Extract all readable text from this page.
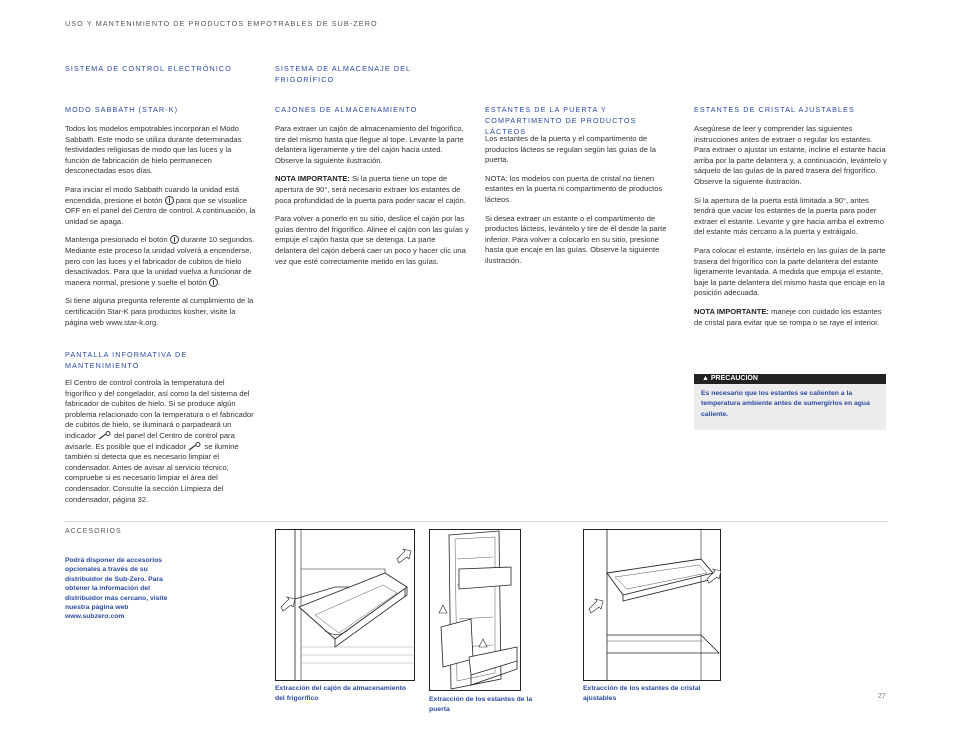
USO Y MANTENIMIENTO DE PRODUCTOS EMPOTRABLES DE SUB-ZERO
SISTEMA DE CONTROL ELECTRÓNICO
MODO SABBATH (STAR-K)

Todos los modelos empotrables incorporan el Modo Sabbath. Este modo se utiliza durante determinadas festividades religiosas de modo que las luces y la función de fabricación de hielo permanecen desconectadas esos días.

Para iniciar el modo Sabbath cuando la unidad está encendida, presione el botón para que se visualice OFF en el panel del Centro de control. A continuación, la unidad se apaga.

Mantenga presionado el botón durante 10 segundos. Mediante este proceso la unidad volverá a encenderse, pero con las luces y el fabricador de cubitos de hielo desactivados. Para que la unidad vuelva a funcionar de manera normal, presione y suelte el botón .

Si tiene alguna pregunta referente al cumplimiento de la certificación Star-K para productos kosher, visite la página web www.star-k.org.

PANTALLA INFORMATIVA DE MANTENIMIENTO

El Centro de control controla la temperatura del frigorífico y del congelador, así como la del sistema del fabricador de cubitos de hielo. Si se produce algún problema relacionado con la temperatura o el fabricador de cubitos de hielo, se iluminará o parpadeará un indicador del panel del Centro de control para avisarle. Es posible que el indicador se ilumine también si detecta que es necesario limpiar el condensador. Antes de avisar al servicio técnico, compruebe si es necesario limpiar el área del condensador. Consulte la sección Limpieza del condensador, página 32.

SISTEMA DE ALMACENAJE DEL FRIGORÍFICO
CAJONES DE ALMACENAMIENTO

Para extraer un cajón de almacenamiento del frigorífico, tire del mismo hasta que llegue al tope. Levante la parte delantera ligeramente y tire del cajón hacia usted. Observe la siguiente ilustración.

NOTA IMPORTANTE: Si la puerta tiene un tope de apertura de 90°, será necesario extraer los estantes de poca profundidad de la puerta para poder sacar el cajón.

Para volver a ponerlo en su sitio, deslice el cajón por las guías dentro del frigorífico. Alinee el cajón con las guías y empuje el cajón hasta que se detenga. La parte delantera del cajón deberá caer un poco y hacer clic una vez que esté correctamente metido en las guías.

ESTANTES DE LA PUERTA Y COMPARTIMENTO DE PRODUCTOS LÁCTEOS

Los estantes de la puerta y el compartimento de productos lácteos se regulan según las guías de la puerta.

NOTA: los modelos con puerta de cristal no tienen estantes en la puerta ni compartimento de productos lácteos.

Si desea extraer un estante o el compartimento de productos lácteos, levántelo y tire de él desde la parte inferior. Para volver a colocarlo en su sitio, presione hasta que encaje en las guías. Observe la siguiente ilustración.

ESTANTES DE CRISTAL AJUSTABLES

Asegúrese de leer y comprender las siguientes instrucciones antes de extraer o regular los estantes. Para extraer o ajustar un estante, incline el estante hacia arriba por la parte delantera y, a continuación, levántelo y sáquelo de las guías de la pared trasera del frigorífico. Observe la siguiente ilustración.

Si la apertura de la puerta está limitada a 90°, antes tendrá que vaciar los estantes de la puerta para poder extraer el estante. Levante y gire hacia arriba el extremo del estante más cercano a la puerta y extráigalo.

Para colocar el estante, insértelo en las guías de la parte trasera del frigorífico con la parte delantera del estante ligeramente levantada. A medida que empuja el estante, baje la parte delantera del mismo hasta que encaje en la posición adecuada.

NOTA IMPORTANTE: maneje con cuidado los estantes de cristal para evitar que se rompa o se raye el interior.

▲ PRECAUCIÓN
Es necesario que los estantes se calienten a la temperatura ambiente antes de sumergirlos en agua caliente.
ACCESORIOS
Podrá disponer de accesorios opcionales a través de su distribuidor de Sub-Zero. Para obtener la información del distribuidor más cercano, visite nuestra página web www.subzero.com
Extracción del cajón de almacenamiento del frigorífico	Extracción de los estantes de la puerta
Extracción de los estantes de cristal ajustables	27
